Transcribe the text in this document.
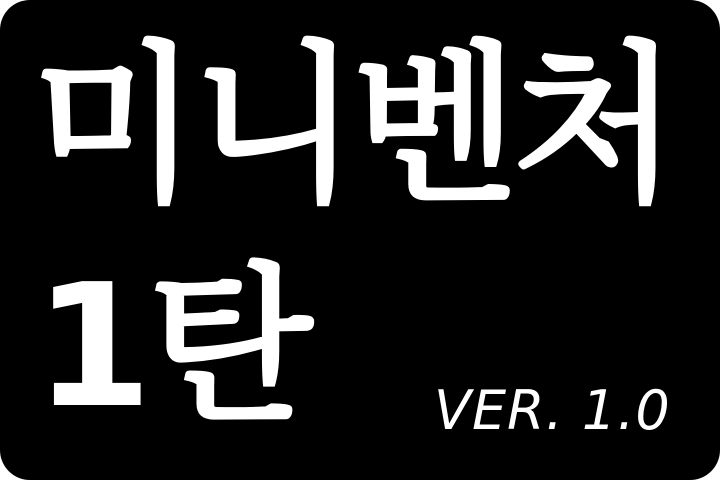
미니벤처
1탄 VER. 1.0
